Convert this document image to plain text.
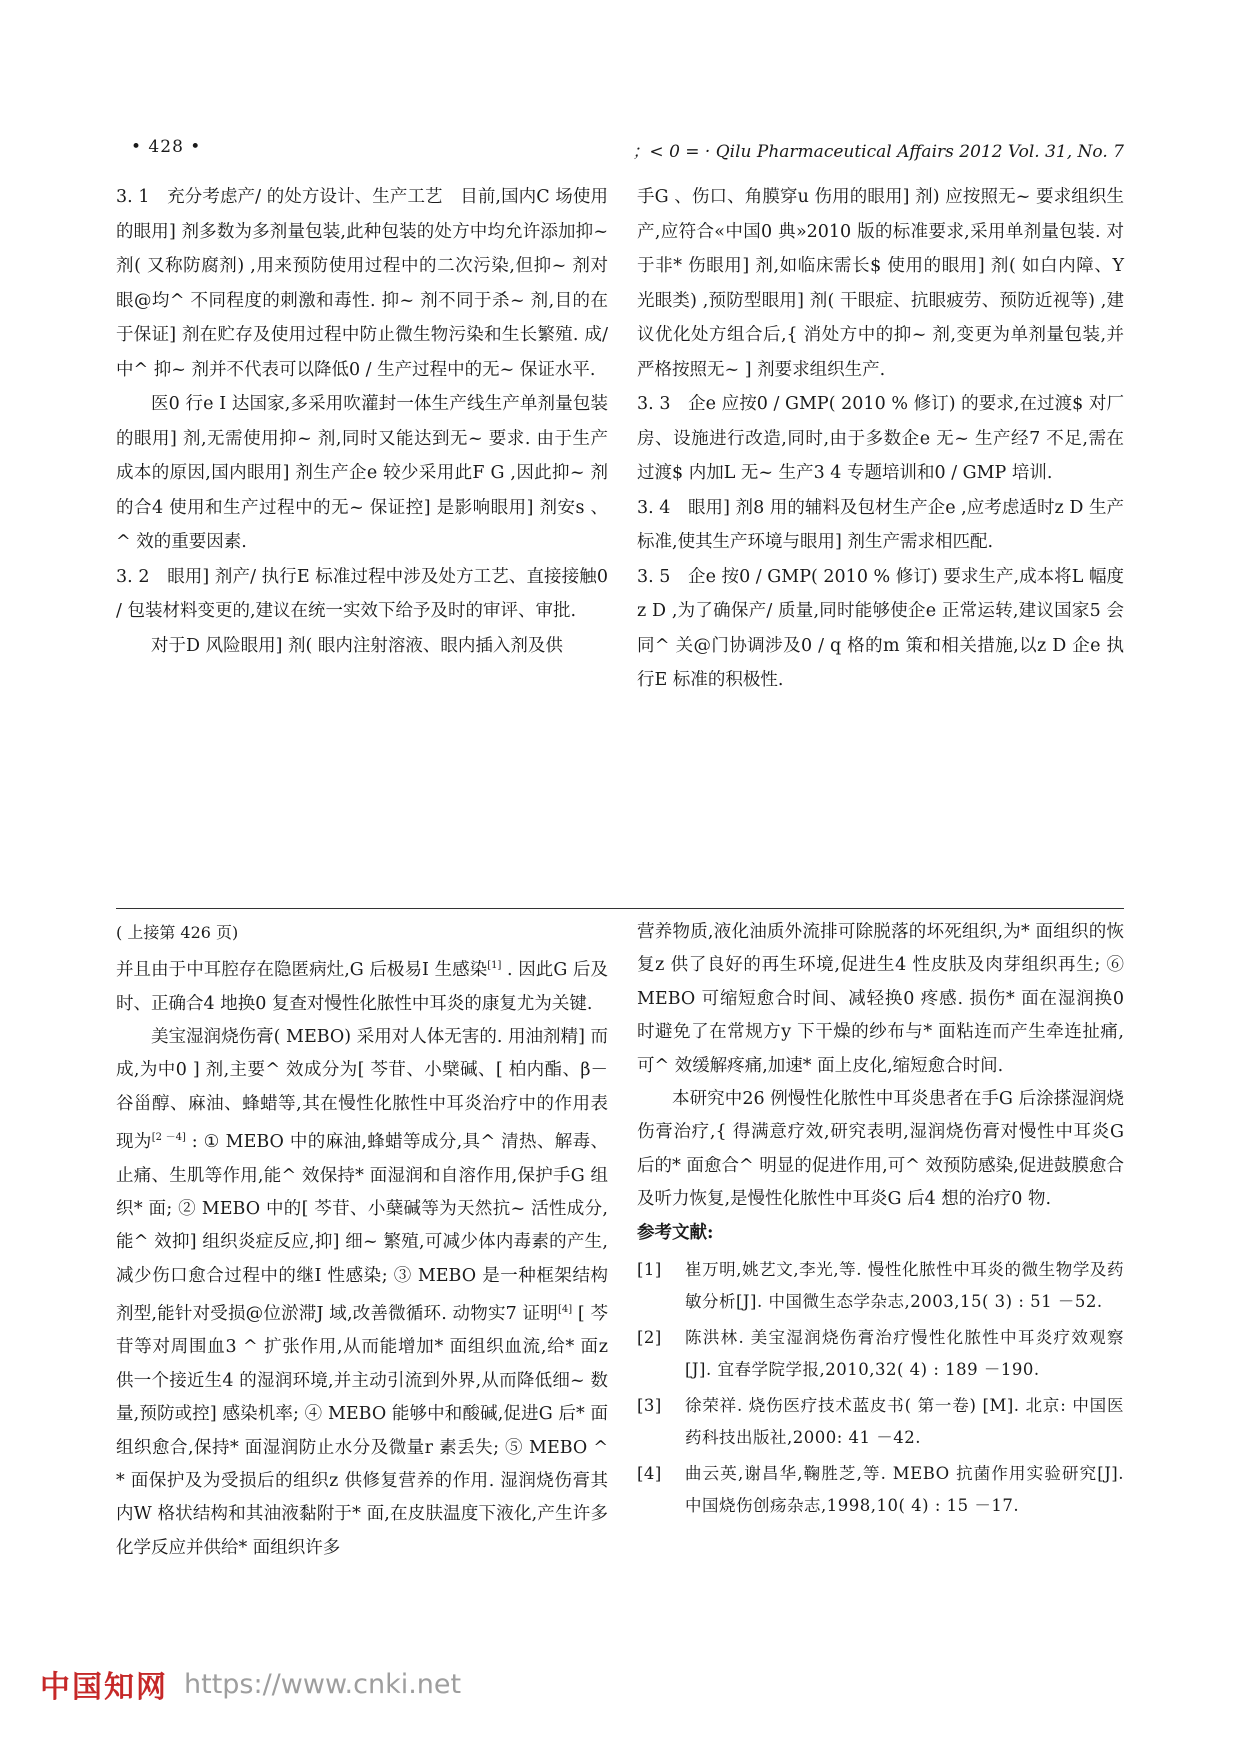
• 428 •	；< 0 = · Qilu Pharmaceutical Affairs 2012 Vol. 31, No. 7

3. 1　充分考虑产/ 的处方设计、生产工艺　目前,国内C 场使用的眼用] 剂多数为多剂量包装,此种包装的处方中均允许添加抑~ 剂( 又称防腐剂) ,用来预防使用过程中的二次污染,但抑~ 剂对眼@均^ 不同程度的刺激和毒性. 抑~ 剂不同于杀~ 剂,目的在于保证] 剂在贮存及使用过程中防止微生物污染和生长繁殖. 成/ 中^ 抑~ 剂并不代表可以降低0 / 生产过程中的无~ 保证水平.

医0 行e I 达国家,多采用吹灌封一体生产线生产单剂量包装的眼用] 剂,无需使用抑~ 剂,同时又能达到无~ 要求. 由于生产成本的原因,国内眼用] 剂生产企e 较少采用此F G ,因此抑~ 剂的合4 使用和生产过程中的无~ 保证控] 是影响眼用] 剂安s 、^ 效的重要因素.

3. 2　眼用] 剂产/ 执行E 标准过程中涉及处方工艺、直接接触0 / 包装材料变更的,建议在统一实效下给予及时的审评、审批.

对于D 风险眼用] 剂( 眼内注射溶液、眼内插入剂及供

手G 、伤口、角膜穿u 伤用的眼用] 剂) 应按照无~ 要求组织生产,应符合«中国0 典»2010 版的标准要求,采用单剂量包装. 对于非* 伤眼用] 剂,如临床需长$ 使用的眼用] 剂( 如白内障、Y 光眼类) ,预防型眼用] 剂( 干眼症、抗眼疲劳、预防近视等) ,建议优化处方组合后,{ 消处方中的抑~ 剂,变更为单剂量包装,并严格按照无~ ] 剂要求组织生产.

3. 3　企e 应按0 / GMP( 2010 % 修订) 的要求,在过渡$ 对厂房、设施进行改造,同时,由于多数企e 无~ 生产经7 不足,需在过渡$ 内加L 无~ 生产3 4 专题培训和0 / GMP 培训.

3. 4　眼用] 剂8 用的辅料及包材生产企e ,应考虑适时z D 生产标准,使其生产环境与眼用] 剂生产需求相匹配.

3. 5　企e 按0 / GMP( 2010 % 修订) 要求生产,成本将L 幅度z D ,为了确保产/ 质量,同时能够使企e 正常运转,建议国家5 会同^ 关@门协调涉及0 / q 格的m 策和相关措施,以z D 企e 执行E 标准的积极性.

( 上接第 426 页)

并且由于中耳腔存在隐匿病灶,G 后极易I 生感染[1] . 因此G 后及时、正确合4 地换0 复查对慢性化脓性中耳炎的康复尤为关键.

美宝湿润烧伤膏( MEBO) 采用对人体无害的. 用油剂精] 而成,为中0 ] 剂,主要^ 效成分为[ 芩苷、小檗碱、[ 柏内酯、β－ 谷甾醇、麻油、蜂蜡等,其在慢性化脓性中耳炎治疗中的作用表现为[2 －4] : ① MEBO 中的麻油,蜂蜡等成分,具^ 清热、解毒、止痛、生肌等作用,能^ 效保持* 面湿润和自溶作用,保护手G 组织* 面; ② MEBO 中的[ 芩苷、小蘖碱等为天然抗~ 活性成分,能^ 效抑] 组织炎症反应,抑] 细~ 繁殖,可减少体内毒素的产生,减少伤口愈合过程中的继I 性感染; ③ MEBO 是一种框架结构剂型,能针对受损@位淤滞J 域,改善微循环. 动物实7 证明[4] [ 芩苷等对周围血3 ^ 扩张作用,从而能增加* 面组织血流,给* 面z 供一个接近生4 的湿润环境,并主动引流到外界,从而降低细~ 数量,预防或控] 感染机率; ④ MEBO 能够中和酸碱,促进G 后* 面组织愈合,保持* 面湿润防止水分及微量r 素丢失; ⑤ MEBO ^ * 面保护及为受损后的组织z 供修复营养的作用. 湿润烧伤膏其内W 格状结构和其油液黏附于* 面,在皮肤温度下液化,产生许多化学反应并供给* 面组织许多

营养物质,液化油质外流排可除脱落的坏死组织,为* 面组织的恢复z 供了良好的再生环境,促进生4 性皮肤及肉芽组织再生; ⑥ MEBO 可缩短愈合时间、减轻换0 疼感. 损伤* 面在湿润换0 时避免了在常规方y 下干燥的纱布与* 面粘连而产生牵连扯痛,可^ 效缓解疼痛,加速* 面上皮化,缩短愈合时间.

本研究中26 例慢性化脓性中耳炎患者在手G 后涂搽湿润烧伤膏治疗,{ 得满意疗效,研究表明,湿润烧伤膏对慢性中耳炎G 后的* 面愈合^ 明显的促进作用,可^ 效预防感染,促进鼓膜愈合及听力恢复,是慢性化脓性中耳炎G 后4 想的治疗0 物.

参考文献:

[1]	崔万明,姚艺文,李光,等. 慢性化脓性中耳炎的微生物学及药敏分析[J]. 中国微生态学杂志,2003,15( 3) : 51 －52.
[2]	陈洪林. 美宝湿润烧伤膏治疗慢性化脓性中耳炎疗效观察[J]. 宜春学院学报,2010,32( 4) : 189 －190.
[3]	徐荣祥. 烧伤医疗技术蓝皮书( 第一卷) [M]. 北京: 中国医药科技出版社,2000: 41 －42.
[4]	曲云英,谢昌华,鞠胜芝,等. MEBO 抗菌作用实验研究[J]. 中国烧伤创疡杂志,1998,10( 4) : 15 －17.
中国知网 https://www.cnki.net
